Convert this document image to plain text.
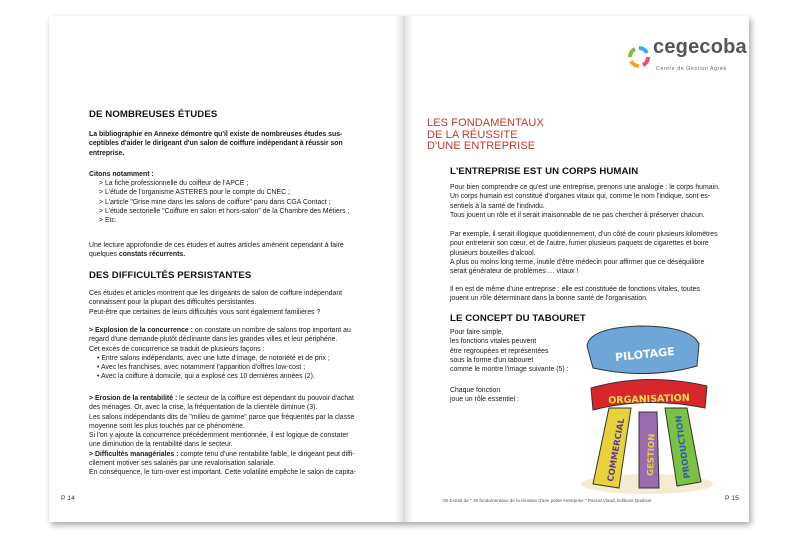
DE NOMBREUSES ÉTUDES
La bibliographie en Annexe démontre qu'il existe de nombreuses études sus-
ceptibles d'aider le dirigeant d'un salon de coiffure indépendant à réussir son
entreprise.
Citons notamment :
> La fiche professionnelle du coiffeur de l'APCE ;
> L'étude de l'organisme ASTERES pour le compte du CNEC ;
> L'article "Grise mine dans les salons de coiffure" paru dans CGA Contact ;
> L'étude sectorielle "Coiffure en salon et hors-salon" de la Chambre des Métiers ;
> Etc.
Une lecture approfondie de ces études et autres articles amènent cependant à faire
quelques constats récurrents.
DES DIFFICULTÉS PERSISTANTES
Ces études et articles montrent que les dirigeants de salon de coiffure indépendant
connaissent pour la plupart des difficultés persistantes.
Peut-être que certaines de leurs difficultés vous sont également familières ?
> Explosion de la concurrence : on constate un nombre de salons trop important au
regard d'une demande plutôt déclinante dans les grandes villes et leur périphérie.
Cet excès de concurrence se traduit de plusieurs façons :
• Entre salons indépendants, avec une lutte d'image, de notoriété et de prix ;
• Avec les franchises, avec notamment l'apparition d'offres low-cost ;
• Avec la coiffure à domicile, qui a explosé ces 10 dernières années (2).
> Erosion de la rentabilité : le secteur de la coiffure est dépendant du pouvoir d'achat
des ménages. Or, avec la crise, la fréquentation de la clientèle diminue (3).
Les salons indépendants dits de "milieu de gamme" parce que fréquentés par la classe
moyenne sont les plus touchés par ce phénomène.
Si l'on y ajoute la concurrence précédemment mentionnée, il est logique de constater
une diminution de la rentabilité dans le secteur.
> Difficultés managériales : compte tenu d'une rentabilité faible, le dirigeant peut diffi-
cilement motiver ses salariés par une revalorisation salariale.
En conséquence, le turn-over est important. Cette volatilité empêche le salon de capita-
P 14
cegecoba
Centre de Gestion Agréé
LES FONDAMENTAUX
DE LA RÉUSSITE
D'UNE ENTREPRISE
L'ENTREPRISE EST UN CORPS HUMAIN
Pour bien comprendre ce qu'est une entreprise, prenons une analogie : le corps humain.
Un corps humain est constitué d'organes vitaux qui, comme le nom l'indique, sont es-
sentiels à la santé de l'individu.
Tous jouent un rôle et il serait irraisonnable de ne pas chercher à préserver chacun.
Par exemple, il serait illogique quotidiennement, d'un côté de courir plusieurs kilomètres
pour entretenir son cœur, et de l'autre, fumer plusieurs paquets de cigarettes et boire
plusieurs bouteilles d'alcool.
A plus ou moins long terme, inutile d'être médecin pour affirmer que ce déséquilibre
serait générateur de problèmes … vitaux !
Il en est de même d'une entreprise : elle est constituée de fonctions vitales, toutes
jouent un rôle déterminant dans la bonne santé de l'organisation.
LE CONCEPT DU TABOURET
Pour faire simple,
les fonctions vitales peuvent
être regroupées et représentées
sous la forme d'un tabouret
comme le montre l'image suivante (5) :
Chaque fonction
joue un rôle essentiel :
COMMERCIAL GESTION PRODUCTION
ORGANISATION
PILOTAGE
05 Extrait de " 25 fondamentaux de la réussite d'une petite entreprise " Pascal Viaud, Editions Qualixel	P 15
